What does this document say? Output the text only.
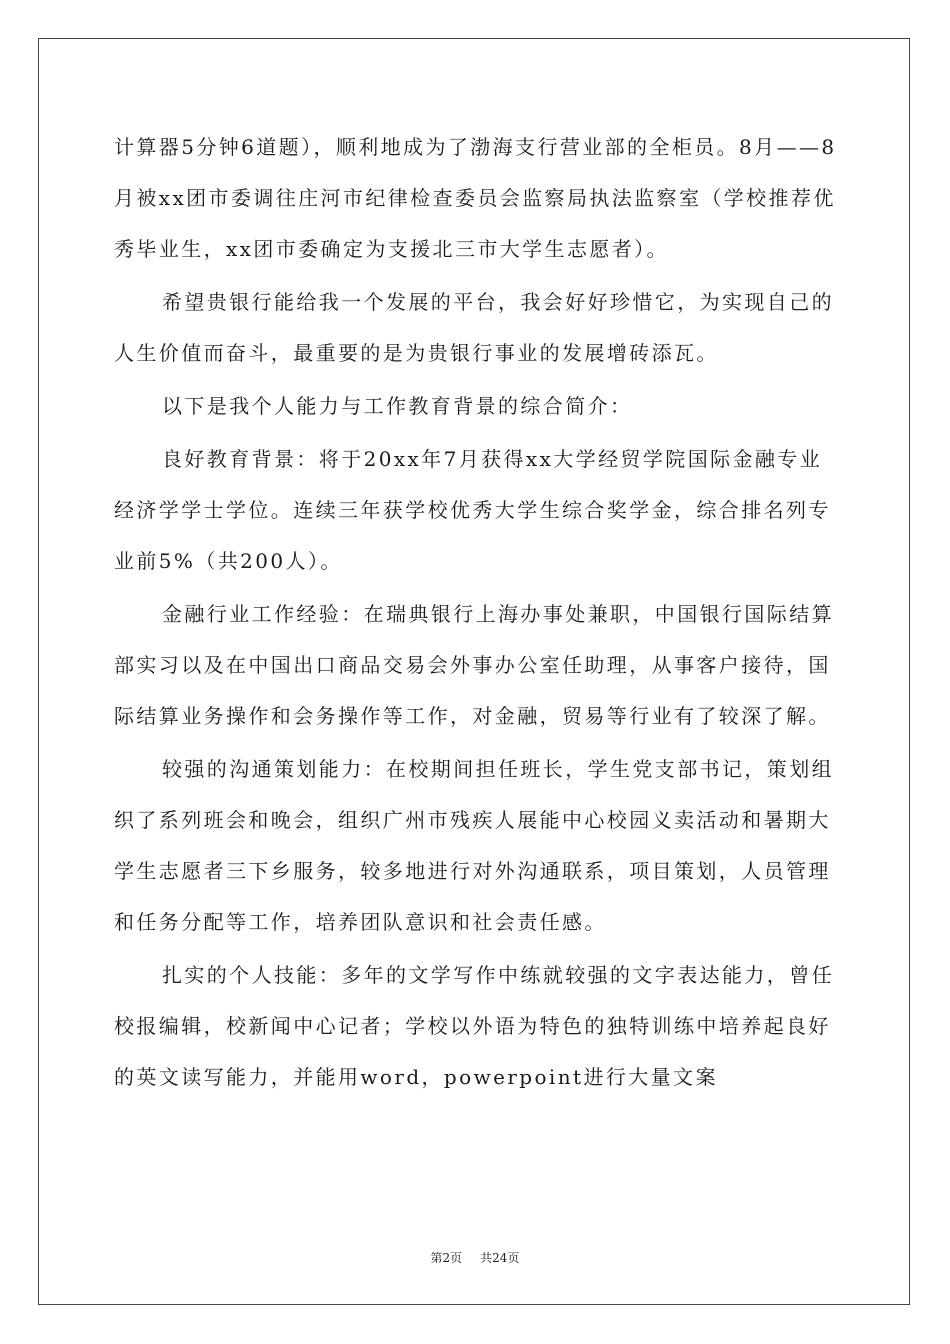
计算器5分钟6道题），顺利地成为了渤海支行营业部的全柜员。8月——8月被xx团市委调往庄河市纪律检查委员会监察局执法监察室（学校推荐优秀毕业生，xx团市委确定为支援北三市大学生志愿者）。

希望贵银行能给我一个发展的平台，我会好好珍惜它，为实现自己的人生价值而奋斗，最重要的是为贵银行事业的发展增砖添瓦。

以下是我个人能力与工作教育背景的综合简介：

良好教育背景：将于20xx年7月获得xx大学经贸学院国际金融专业经济学学士学位。连续三年获学校优秀大学生综合奖学金，综合排名列专业前5%（共200人）。

金融行业工作经验：在瑞典银行上海办事处兼职，中国银行国际结算部实习以及在中国出口商品交易会外事办公室任助理，从事客户接待，国际结算业务操作和会务操作等工作，对金融，贸易等行业有了较深了解。

较强的沟通策划能力：在校期间担任班长，学生党支部书记，策划组织了系列班会和晚会，组织广州市残疾人展能中心校园义卖活动和暑期大学生志愿者三下乡服务，较多地进行对外沟通联系，项目策划，人员管理和任务分配等工作，培养团队意识和社会责任感。

扎实的个人技能：多年的文学写作中练就较强的文字表达能力，曾任校报编辑，校新闻中心记者；学校以外语为特色的独特训练中培养起良好的英文读写能力，并能用word，powerpoint进行大量文案

第2页 共24页
